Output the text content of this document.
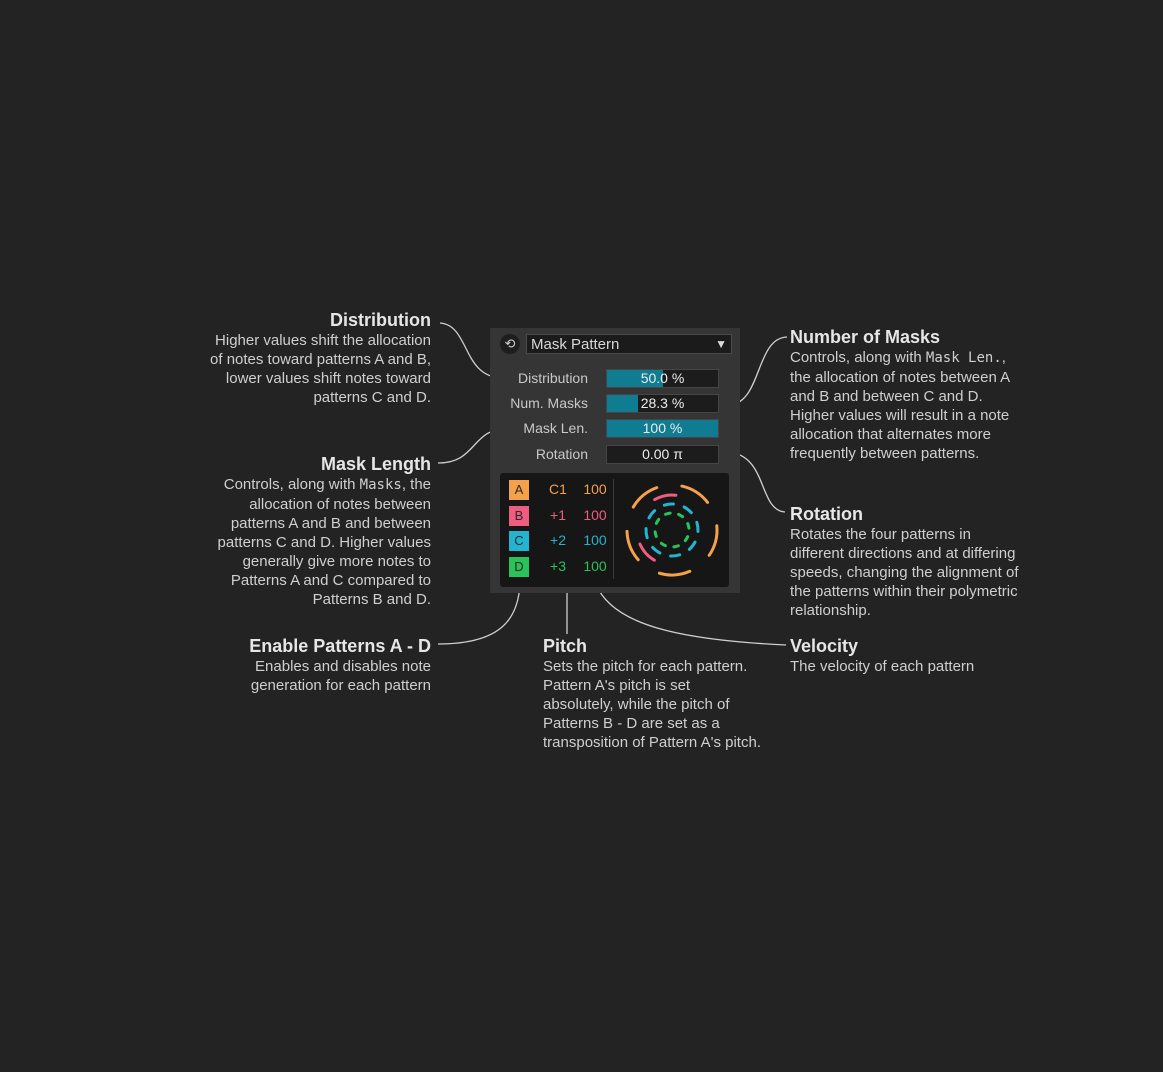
Distribution

Higher values shift the allocation of notes toward patterns A and B, lower values shift notes toward patterns C and D.

Mask Length

Controls, along with Masks, the allocation of notes between patterns A and B and between patterns C and D. Higher values generally give more notes to Patterns A and C compared to Patterns B and D.

Enable Patterns A - D

Enables and disables note generation for each pattern

Pitch

Sets the pitch for each pattern. Pattern A's pitch is set absolutely, while the pitch of Patterns B - D are set as a transposition of Pattern A's pitch.

Number of Masks

Controls, along with Mask Len., the allocation of notes between A and B and between C and D. Higher values will result in a note allocation that alternates more frequently between patterns.

Rotation

Rotates the four patterns in different directions and at differing speeds, changing the alignment of the patterns within their polymetric relationship.

Velocity

The velocity of each pattern

⟲	Mask Pattern	▼
Distribution	50.0 %
Num. Masks	28.3 %
Mask Len.	100 %
Rotation	0.00 π
A	C1	100
B	+1	100
C	+2	100
D	+3	100
